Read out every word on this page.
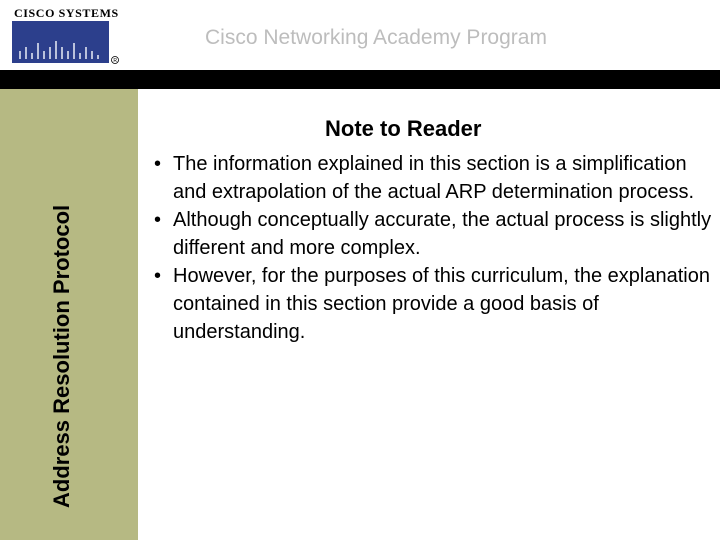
CISCO SYSTEMS
R
Cisco Networking Academy Program
Address Resolution Protocol
Note to Reader
• The information explained in this section is a simplification and extrapolation of the actual ARP determination process.
• Although conceptually accurate, the actual process is slightly different and more complex.
• However, for the purposes of this curriculum, the explanation contained in this section provide a good basis of understanding.
